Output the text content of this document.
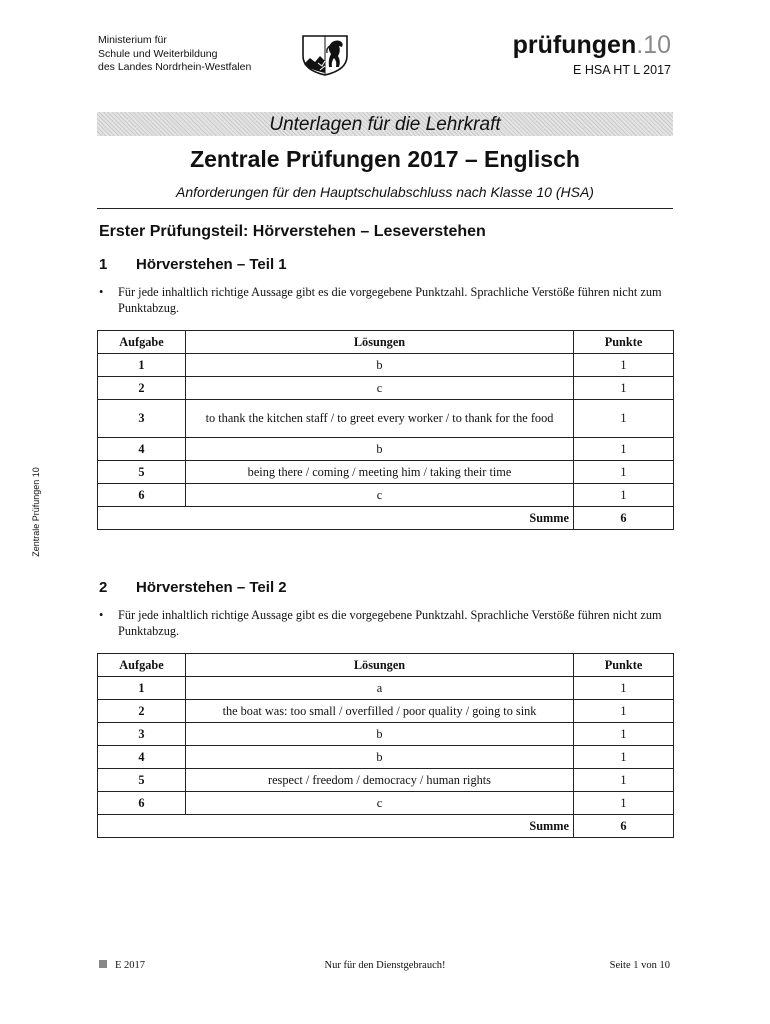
Ministerium für
Schule und Weiterbildung
des Landes Nordrhein-Westfalen
prüfungen.10
E HSA HT L 2017
Unterlagen für die Lehrkraft
Zentrale Prüfungen 2017 – Englisch
Anforderungen für den Hauptschulabschluss nach Klasse 10 (HSA)
Erster Prüfungsteil: Hörverstehen – Leseverstehen
Zentrale Prüfungen 10
1 Hörverstehen – Teil 1
• Für jede inhaltlich richtige Aussage gibt es die vorgegebene Punktzahl. Sprachliche Verstöße führen nicht zum Punktabzug.
Aufgabe	Lösungen	Punkte
1	b	1
2	c	1
3	to thank the kitchen staff / to greet every worker / to thank for the food	1
4	b	1
5	being there / coming / meeting him / taking their time	1
6	c	1
Summe		6
2 Hörverstehen – Teil 2
• Für jede inhaltlich richtige Aussage gibt es die vorgegebene Punktzahl. Sprachliche Verstöße führen nicht zum Punktabzug.
Aufgabe	Lösungen	Punkte
1	a	1
2	the boat was: too small / overfilled / poor quality / going to sink	1
3	b	1
4	b	1
5	respect / freedom / democracy / human rights	1
6	c	1
Summe		6
E 2017	Nur für den Dienstgebrauch!	Seite 1 von 10
